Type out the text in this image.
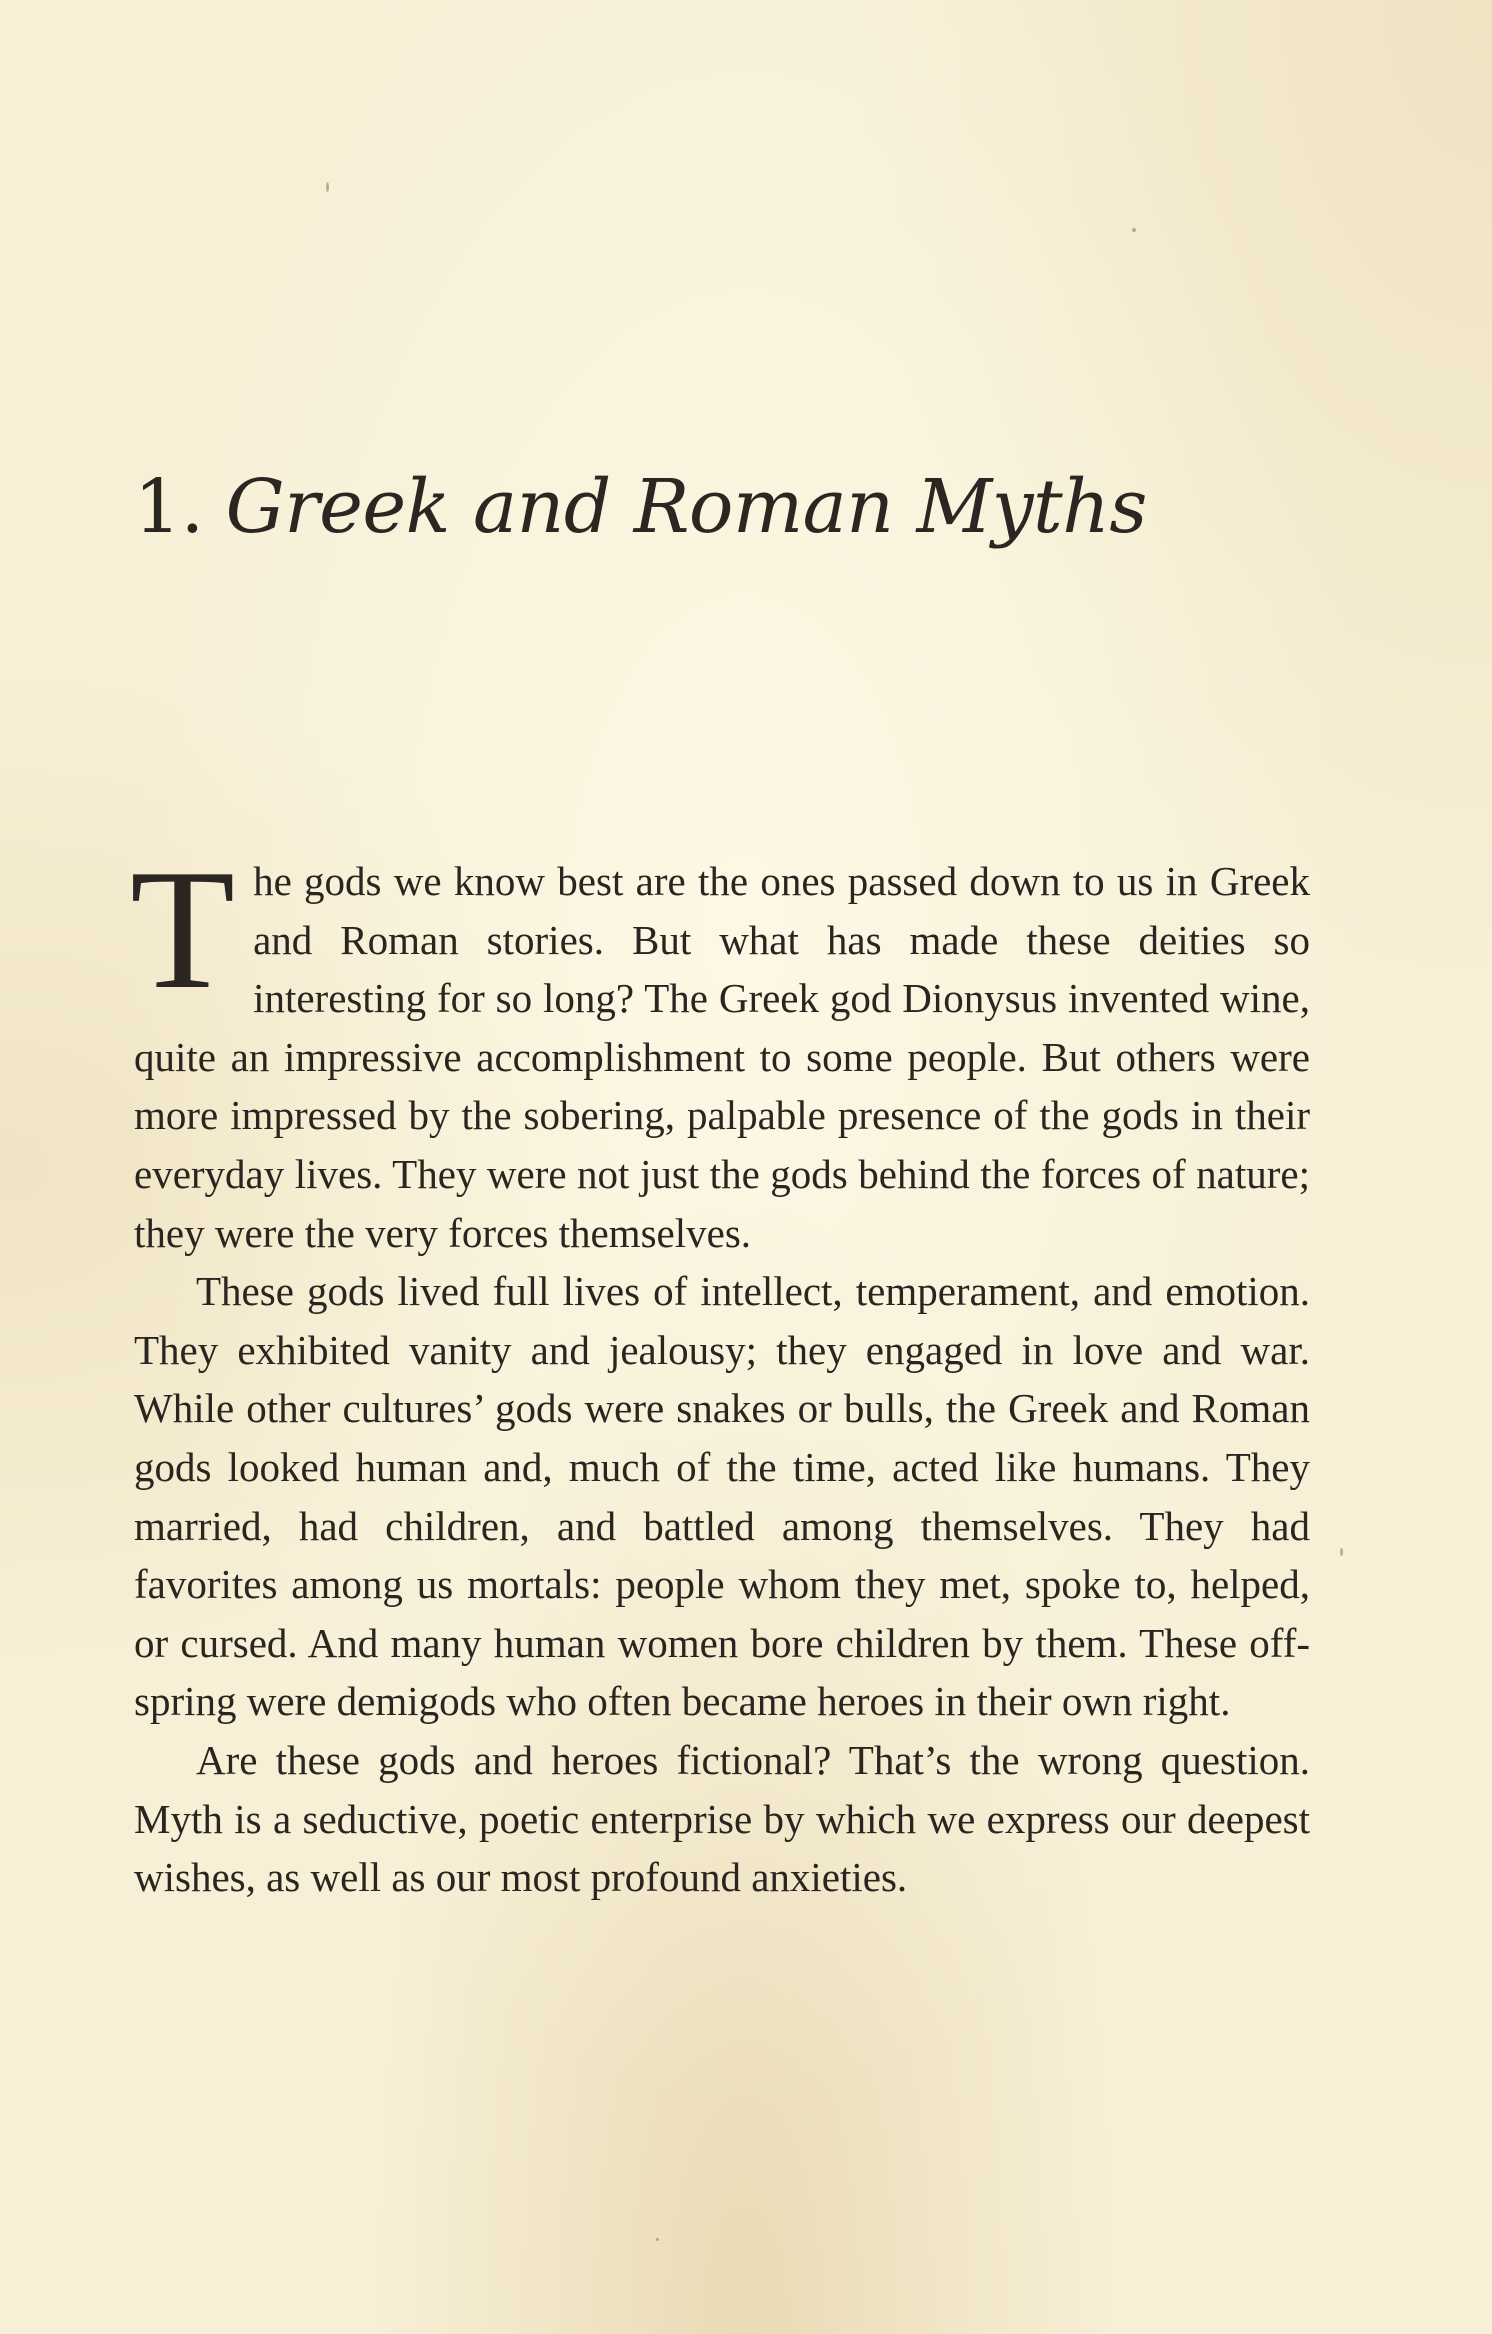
1. Greek and Roman Myths

The gods we know best are the ones passed down to us in Greek and Roman stories. But what has made these deities so interesting for so long? The Greek god Dionysus invented wine, quite an impressive accomplishment to some people. But others were more impressed by the sobering, palpable presence of the gods in their everyday lives. They were not just the gods behind the forces of nature; they were the very forces themselves.

These gods lived full lives of intellect, temperament, and emotion. They exhibited vanity and jealousy; they engaged in love and war. While other cultures’ gods were snakes or bulls, the Greek and Roman gods looked human and, much of the time, acted like humans. They married, had children, and battled among themselves. They had favorites among us mortals: people whom they met, spoke to, helped, or cursed. And many human women bore children by them. These offspring were demigods who often became heroes in their own right.

Are these gods and heroes fictional? That’s the wrong question. Myth is a seductive, poetic enterprise by which we express our deepest wishes, as well as our most profound anxieties.
